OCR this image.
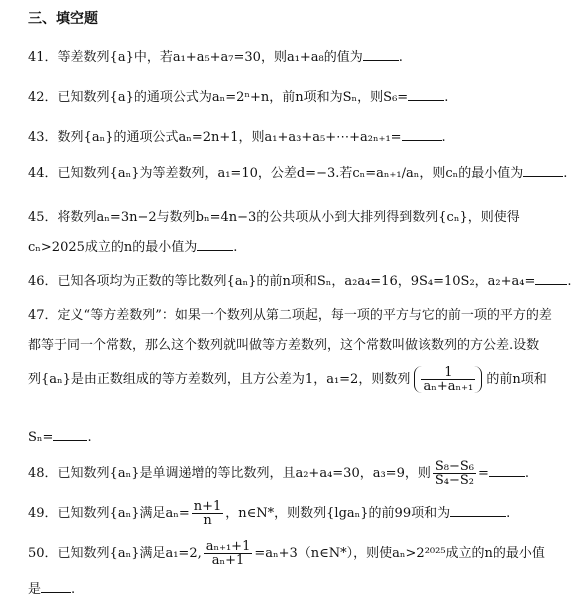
三、填空题
41．等差数列{a}中，若a₁+a₅+a₇=30，则a₁+a₈的值为	.
42．已知数列{a}的通项公式为aₙ=2ⁿ+n，前n项和为Sₙ，则S₆=	.
43．数列{aₙ}的通项公式aₙ=2n+1，则a₁+a₃+a₅+⋯+a₂ₙ₊₁=	.
44．已知数列{aₙ}为等差数列，a₁=10，公差d=−3.若cₙ=aₙ₊₁/aₙ，则cₙ的最小值为	.
45．将数列aₙ=3n−2与数列bₙ=4n−3的公共项从小到大排列得到数列{cₙ}，则使得
cₙ>2025成立的n的最小值为	.
46．已知各项均为正数的等比数列{aₙ}的前n项和Sₙ，a₂a₄=16，9S₄=10S₂，a₂+a₄= .
47．定义“等方差数列”：如果一个数列从第二项起，每一项的平方与它的前一项的平方的差
都等于同一个常数，那么这个数列就叫做等方差数列，这个常数叫做该数列的方公差.设数
列{aₙ}是由正数组成的等方差数列，且方公差为1，a₁=2，则数列 $\frac{1}{\text{aₙ+aₙ₊₁}}$ 的前n项和
Sₙ=	.
48．已知数列{aₙ}是单调递增的等比数列，且a₂+a₄=30，a₃=9，则 $\frac{\text{S₈−S₆}}{\text{S₄−S₂}}$ =	.
49．已知数列{aₙ}满足$a_n= \frac{n+1}{n}$ ，n∈N*，则数列{lgaₙ}的前99项和为	.
50．已知数列{aₙ}满足a₁=2, $\frac{\text{aₙ₊₁+1}}{\text{aₙ+1}}$ =aₙ+3（n∈N*），则使aₙ>2²⁰²⁵成立的n的最小值
是 .
